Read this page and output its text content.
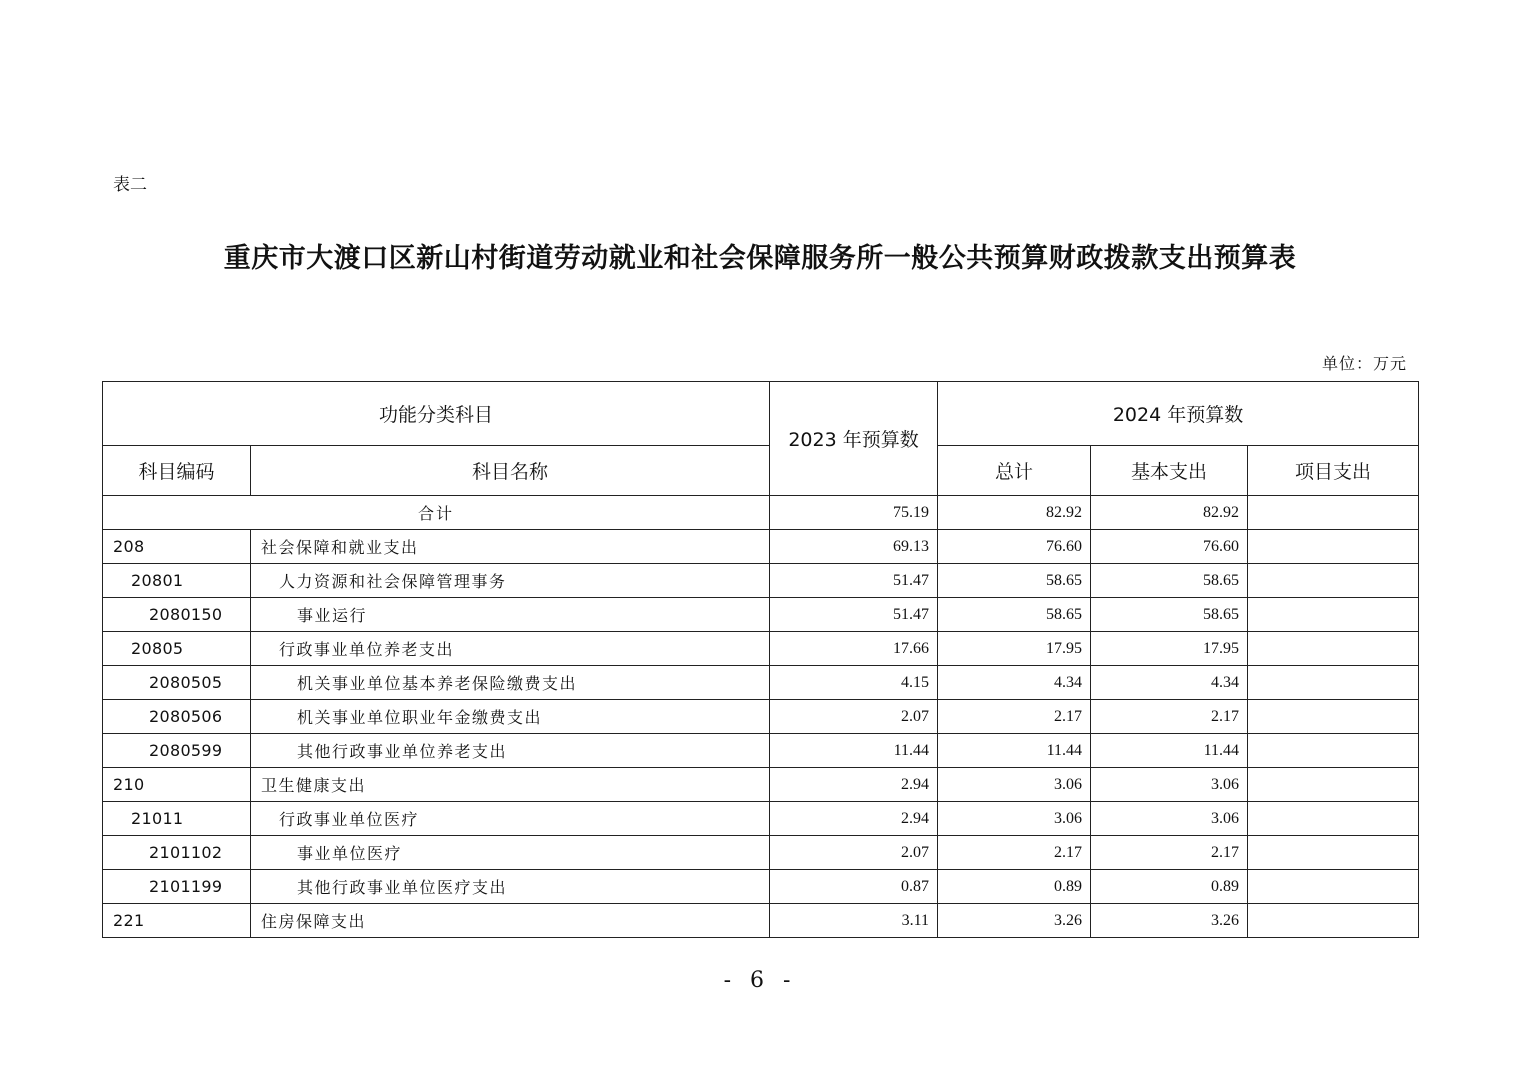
表二
重庆市大渡口区新山村街道劳动就业和社会保障服务所一般公共预算财政拨款支出预算表
单位：万元
功能分类科目		2023 年预算数	2024 年预算数		
科目编码	科目名称		总计	基本支出	项目支出
合计		75.19	82.92	82.92	
208	社会保障和就业支出	69.13	76.60	76.60	
20801	人力资源和社会保障管理事务	51.47	58.65	58.65	
2080150	事业运行	51.47	58.65	58.65	
20805	行政事业单位养老支出	17.66	17.95	17.95	
2080505	机关事业单位基本养老保险缴费支出	4.15	4.34	4.34	
2080506	机关事业单位职业年金缴费支出	2.07	2.17	2.17	
2080599	其他行政事业单位养老支出	11.44	11.44	11.44	
210	卫生健康支出	2.94	3.06	3.06	
21011	行政事业单位医疗	2.94	3.06	3.06	
2101102	事业单位医疗	2.07	2.17	2.17	
2101199	其他行政事业单位医疗支出	0.87	0.89	0.89	
221	住房保障支出	3.11	3.26	3.26	
- 6 -
